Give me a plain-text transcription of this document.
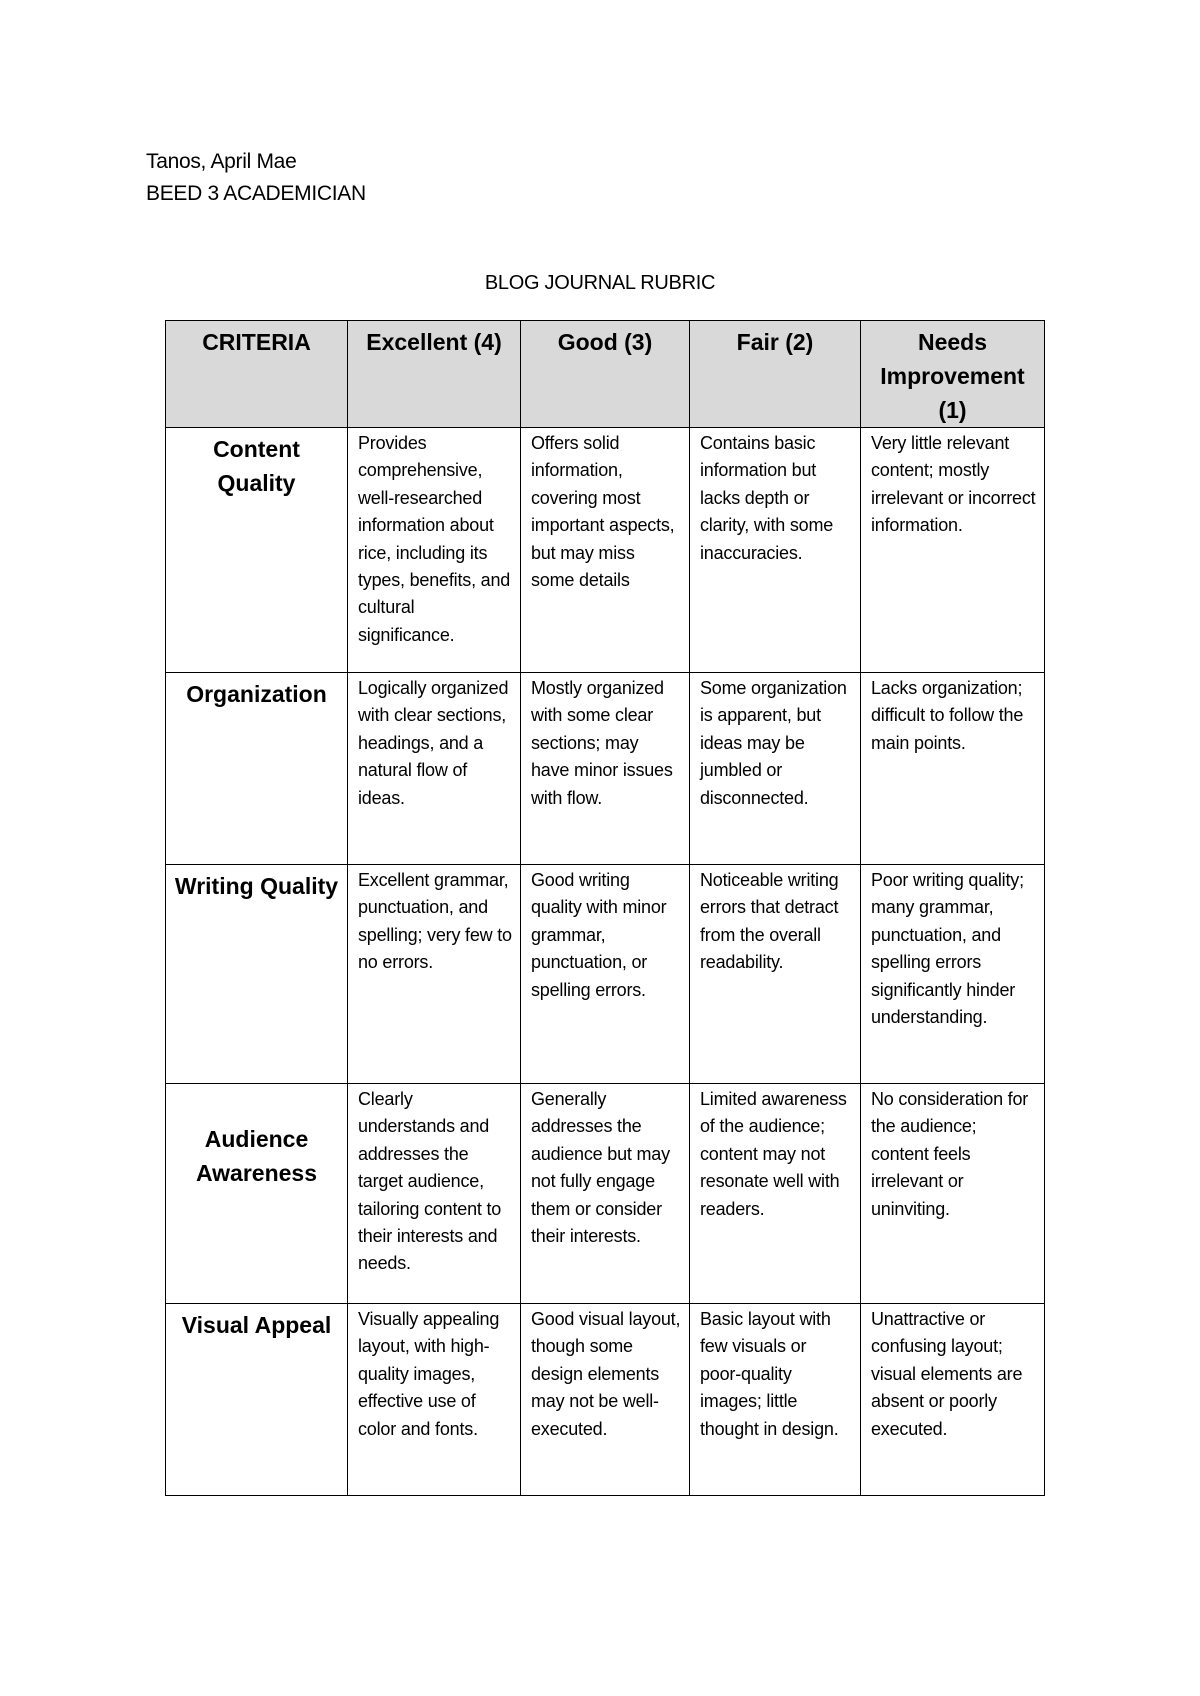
Tanos, April Mae
BEED 3 ACADEMICIAN
BLOG JOURNAL RUBRIC
CRITERIA	Excellent (4)	Good (3)	Fair (2)	Needs Improvement (1)
Content Quality	Provides comprehensive, well-researched information about rice, including its types, benefits, and cultural significance.	Offers solid information, covering most important aspects, but may miss some details	Contains basic information but lacks depth or clarity, with some inaccuracies.	Very little relevant content; mostly irrelevant or incorrect information.
Organization	Logically organized with clear sections, headings, and a natural flow of ideas.	Mostly organized with some clear sections; may have minor issues with flow.	Some organization is apparent, but ideas may be jumbled or disconnected.	Lacks organization; difficult to follow the main points.
Writing Quality	Excellent grammar, punctuation, and spelling; very few to no errors.	Good writing quality with minor grammar, punctuation, or spelling errors.	Noticeable writing errors that detract from the overall readability.	Poor writing quality; many grammar, punctuation, and spelling errors significantly hinder understanding.
Audience Awareness	Clearly understands and addresses the target audience, tailoring content to their interests and needs.	Generally addresses the audience but may not fully engage them or consider their interests.	Limited awareness of the audience; content may not resonate well with readers.	No consideration for the audience; content feels irrelevant or uninviting.
Visual Appeal	Visually appealing layout, with high-quality images, effective use of color and fonts.	Good visual layout, though some design elements may not be well-executed.	Basic layout with few visuals or poor-quality images; little thought in design.	Unattractive or confusing layout; visual elements are absent or poorly executed.
